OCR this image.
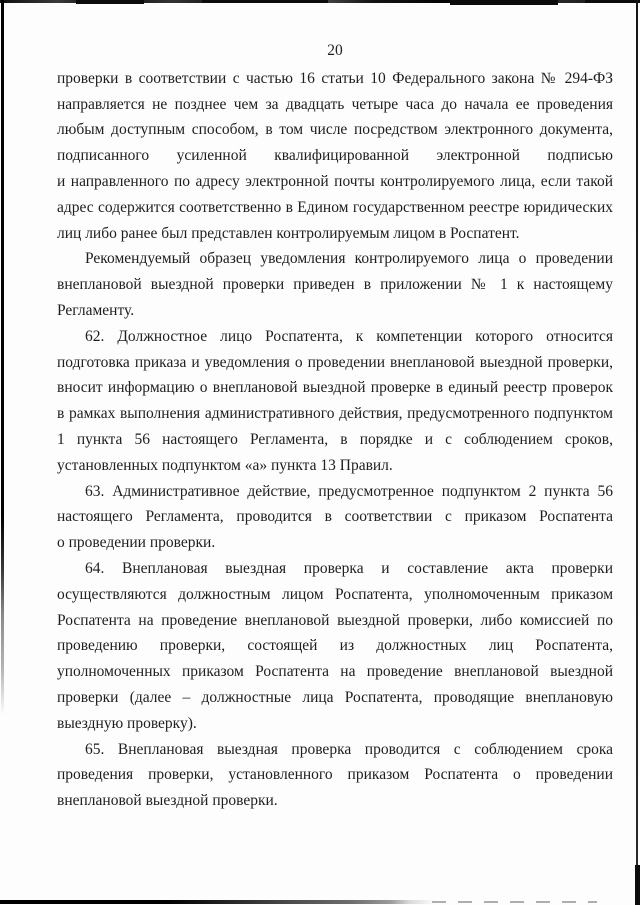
20
проверки в соответствии с частью 16 статьи 10 Федерального закона № 294-ФЗ
направляется не позднее чем за двадцать четыре часа до начала ее проведения
любым доступным способом, в том числе посредством электронного документа,
подписанного усиленной квалифицированной электронной подписью
и направленного по адресу электронной почты контролируемого лица, если такой
адрес содержится соответственно в Едином государственном реестре юридических
лиц либо ранее был представлен контролируемым лицом в Роспатент.
Рекомендуемый образец уведомления контролируемого лица о проведении
внеплановой выездной проверки приведен в приложении № 1 к настоящему
Регламенту.
62. Должностное лицо Роспатента, к компетенции которого относится
подготовка приказа и уведомления о проведении внеплановой выездной проверки,
вносит информацию о внеплановой выездной проверке в единый реестр проверок
в рамках выполнения административного действия, предусмотренного подпунктом
1 пункта 56 настоящего Регламента, в порядке и с соблюдением сроков,
установленных подпунктом «а» пункта 13 Правил.
63. Административное действие, предусмотренное подпунктом 2 пункта 56
настоящего Регламента, проводится в соответствии с приказом Роспатента
о проведении проверки.
64. Внеплановая выездная проверка и составление акта проверки
осуществляются должностным лицом Роспатента, уполномоченным приказом
Роспатента на проведение внеплановой выездной проверки, либо комиссией по
проведению проверки, состоящей из должностных лиц Роспатента,
уполномоченных приказом Роспатента на проведение внеплановой выездной
проверки (далее – должностные лица Роспатента, проводящие внеплановую
выездную проверку).
65. Внеплановая выездная проверка проводится с соблюдением срока
проведения проверки, установленного приказом Роспатента о проведении
внеплановой выездной проверки.
